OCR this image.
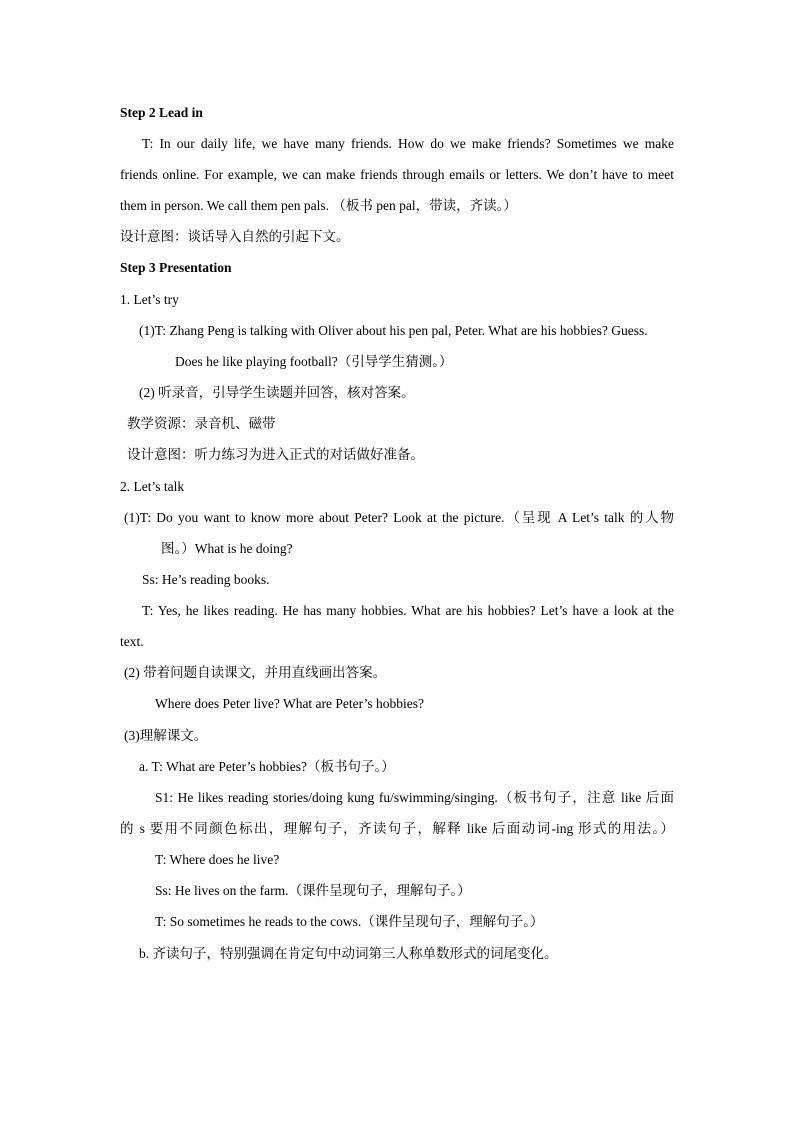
Step 2 Lead in

T: In our daily life, we have many friends. How do we make friends? Sometimes we make

friends online. For example, we can make friends through emails or letters. We don’t have to meet

them in person. We call them pen pals. （板书 pen pal，带读，齐读。）

设计意图：谈话导入自然的引起下文。

Step 3 Presentation

1. Let’s try

(1)T: Zhang Peng is talking with Oliver about his pen pal, Peter. What are his hobbies? Guess.

Does he like playing football?（引导学生猜测。）

(2) 听录音，引导学生读题并回答，核对答案。

教学资源：录音机、磁带

设计意图：听力练习为进入正式的对话做好准备。

2. Let’s talk

(1)T: Do you want to know more about Peter? Look at the picture.（呈现 A Let’s talk 的人物

图。）What is he doing?

Ss: He’s reading books.

T: Yes, he likes reading. He has many hobbies. What are his hobbies? Let’s have a look at the

text.

(2) 带着问题自读课文，并用直线画出答案。

Where does Peter live? What are Peter’s hobbies?

(3)理解课文。

a. T: What are Peter’s hobbies?（板书句子。）

S1: He likes reading stories/doing kung fu/swimming/singing.（板书句子，注意 like 后面

的 s 要用不同颜色标出，理解句子，齐读句子，解释 like 后面动词-ing 形式的用法。）

T: Where does he live?

Ss: He lives on the farm.（课件呈现句子，理解句子。）

T: So sometimes he reads to the cows.（课件呈现句子，理解句子。）

b. 齐读句子，特别强调在肯定句中动词第三人称单数形式的词尾变化。
